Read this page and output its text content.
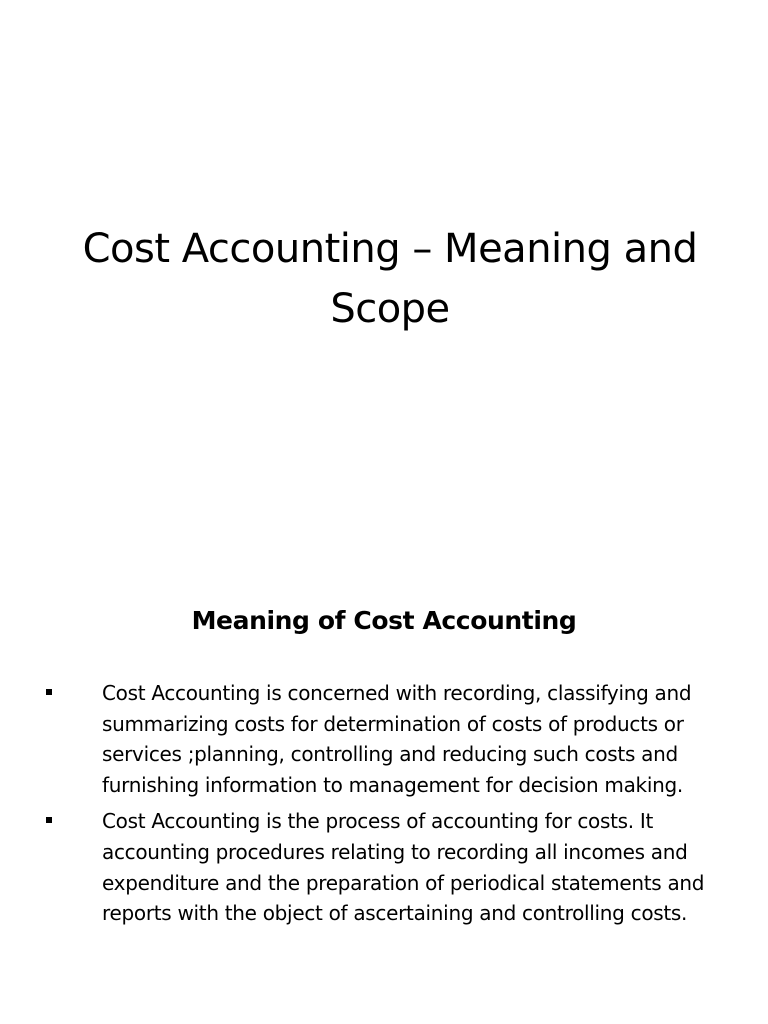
Cost Accounting – Meaning and Scope
Meaning of Cost Accounting
Cost Accounting is concerned with recording, classifying and summarizing costs for determination of costs of products or services ;planning, controlling and reducing such costs and furnishing information to management for decision making.
Cost Accounting is the process of accounting for costs. It accounting procedures relating to recording all incomes and expenditure and the preparation of periodical statements and reports with the object of ascertaining and controlling costs.
